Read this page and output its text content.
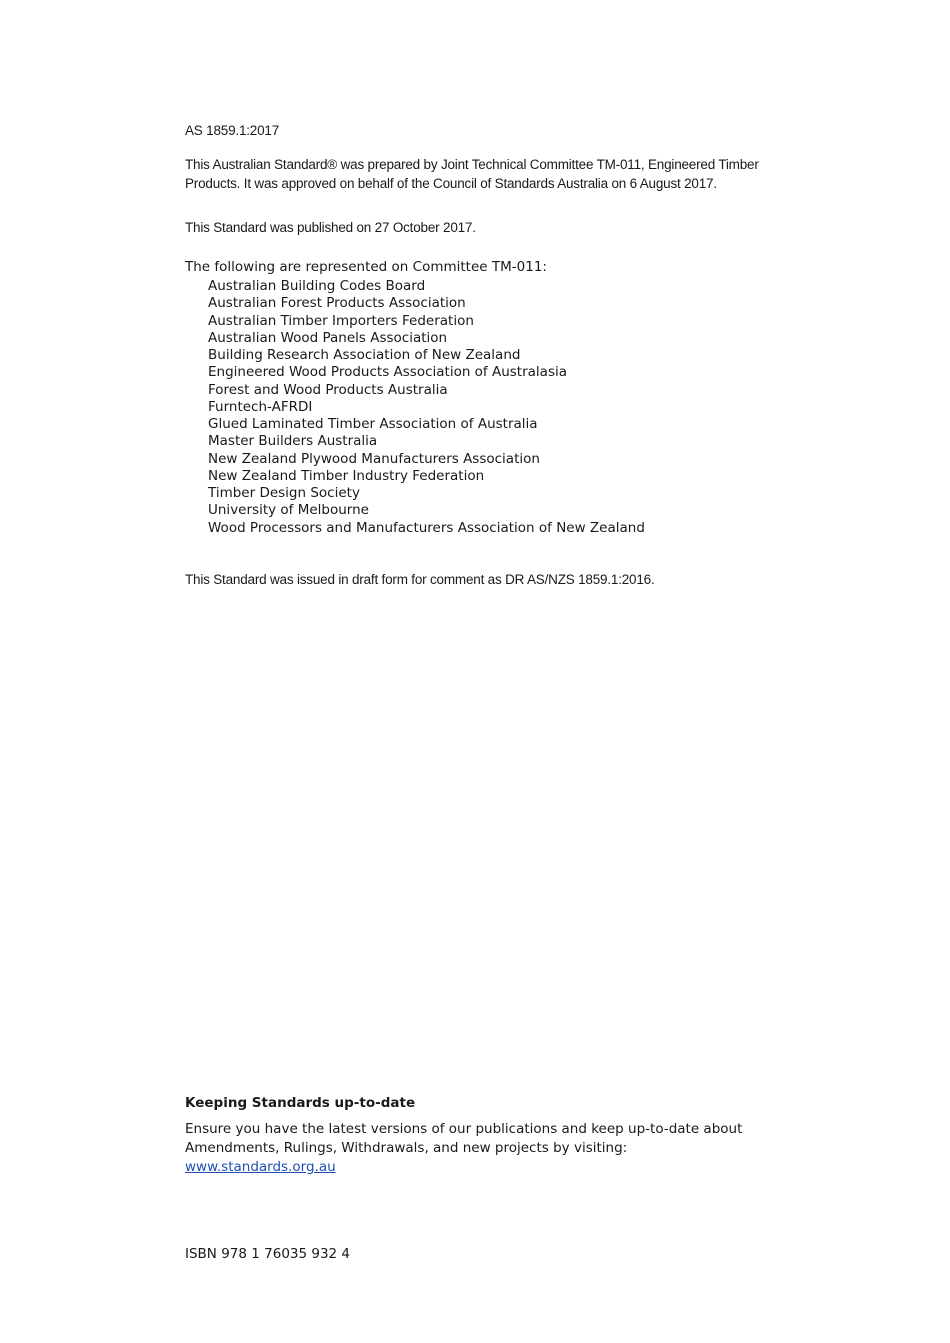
AS 1859.1:2017
This Australian Standard® was prepared by Joint Technical Committee TM-011, Engineered Timber Products. It was approved on behalf of the Council of Standards Australia on 6 August 2017.
This Standard was published on 27 October 2017.
The following are represented on Committee TM-011:
Australian Building Codes Board
Australian Forest Products Association
Australian Timber Importers Federation
Australian Wood Panels Association
Building Research Association of New Zealand
Engineered Wood Products Association of Australasia
Forest and Wood Products Australia
Furntech-AFRDI
Glued Laminated Timber Association of Australia
Master Builders Australia
New Zealand Plywood Manufacturers Association
New Zealand Timber Industry Federation
Timber Design Society
University of Melbourne
Wood Processors and Manufacturers Association of New Zealand
This Standard was issued in draft form for comment as DR AS/NZS 1859.1:2016.
Keeping Standards up-to-date
Ensure you have the latest versions of our publications and keep up-to-date about Amendments, Rulings, Withdrawals, and new projects by visiting:
www.standards.org.au
ISBN 978 1 76035 932 4
